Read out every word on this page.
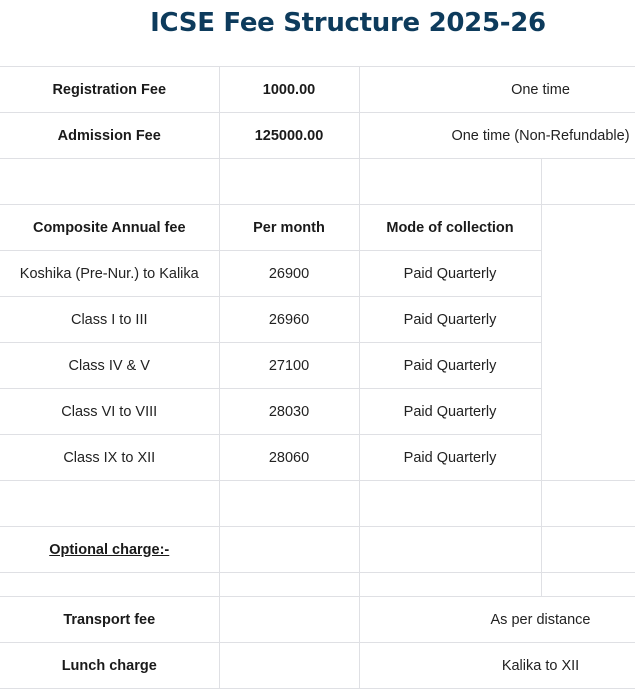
ICSE Fee Structure 2025-26
Registration Fee	1000.00	One time	
Admission Fee	125000.00	One time (Non-Refundable)	

Composite Annual fee	Per month	Mode of collection	
Koshika (Pre-Nur.) to Kalika	26900	Paid Quarterly	
Class I to III	26960	Paid Quarterly	
Class IV & V	27100	Paid Quarterly	
Class VI to VIII	28030	Paid Quarterly	
Class IX to XII	28060	Paid Quarterly	

Optional charge:-			

Transport fee		As per distance	
Lunch charge		Kalika to XII	
